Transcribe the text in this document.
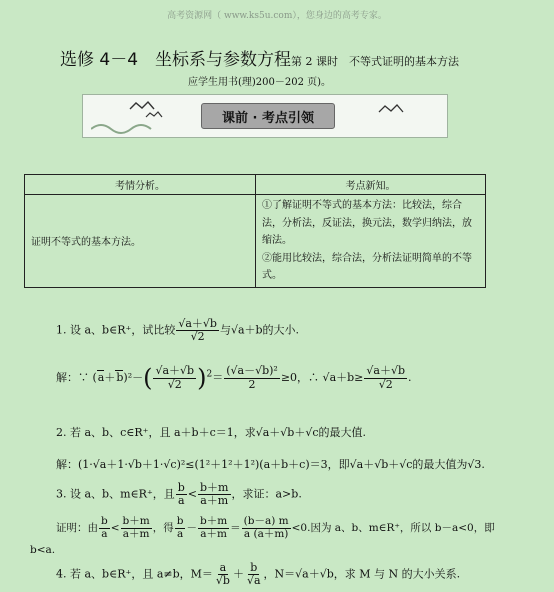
高考资源网（ www.ks5u.com），您身边的高考专家。
选修 4－4　坐标系与参数方程第 2 课时　不等式证明的基本方法
应学生用书(理)200－202 页)。
课前 · 考点引领
考情分析。	考点新知。
证明不等式的基本方法。	①了解证明不等式的基本方法：比较法，综合法，分析法，反证法，换元法，数学归纳法，放缩法。
②能用比较法，综合法，分析法证明简单的不等式。
1. 设 a、b∈R⁺，试比较 $\frac{√a+√b}{√2}$ 与√a＋b的大小.
解：∵ $(a+b)^2-( \frac{√a+√b}{√2} )^2= \frac{\text{(√a－√b)²}}{2} \ge 0$，∴ $√a+b\ge \frac{√a+√b}{√2}$ .
2. 若 a、b、c∈R⁺，且 a＋b＋c＝1，求√a＋√b＋√c的最大值.
解：(1·√a＋1·√b＋1·√c)²≤(1²＋1²＋1²)(a＋b＋c)＝3，即√a＋√b＋√c的最大值为√3.
3. 设 a、b、m∈R⁺，且 $\frac{b}{a} < \frac{b+m}{a+m}$ ，求证：a>b.
证明：由 $\frac{b}{a} < \frac{b+m}{a+m}$ ，得 $\frac{b}{a} - \frac{b+m}{a+m} = \frac{(b-a) m}{a (a+m)} <0$.因为 a、b、m∈R⁺，所以 b－a<0，即
b<a.
4. 若 a、b∈R⁺，且 a≠b，$M= \frac{a}{√b} + \frac{b}{√a}$ ，N＝√a＋√b，求 M 与 N 的大小关系.
